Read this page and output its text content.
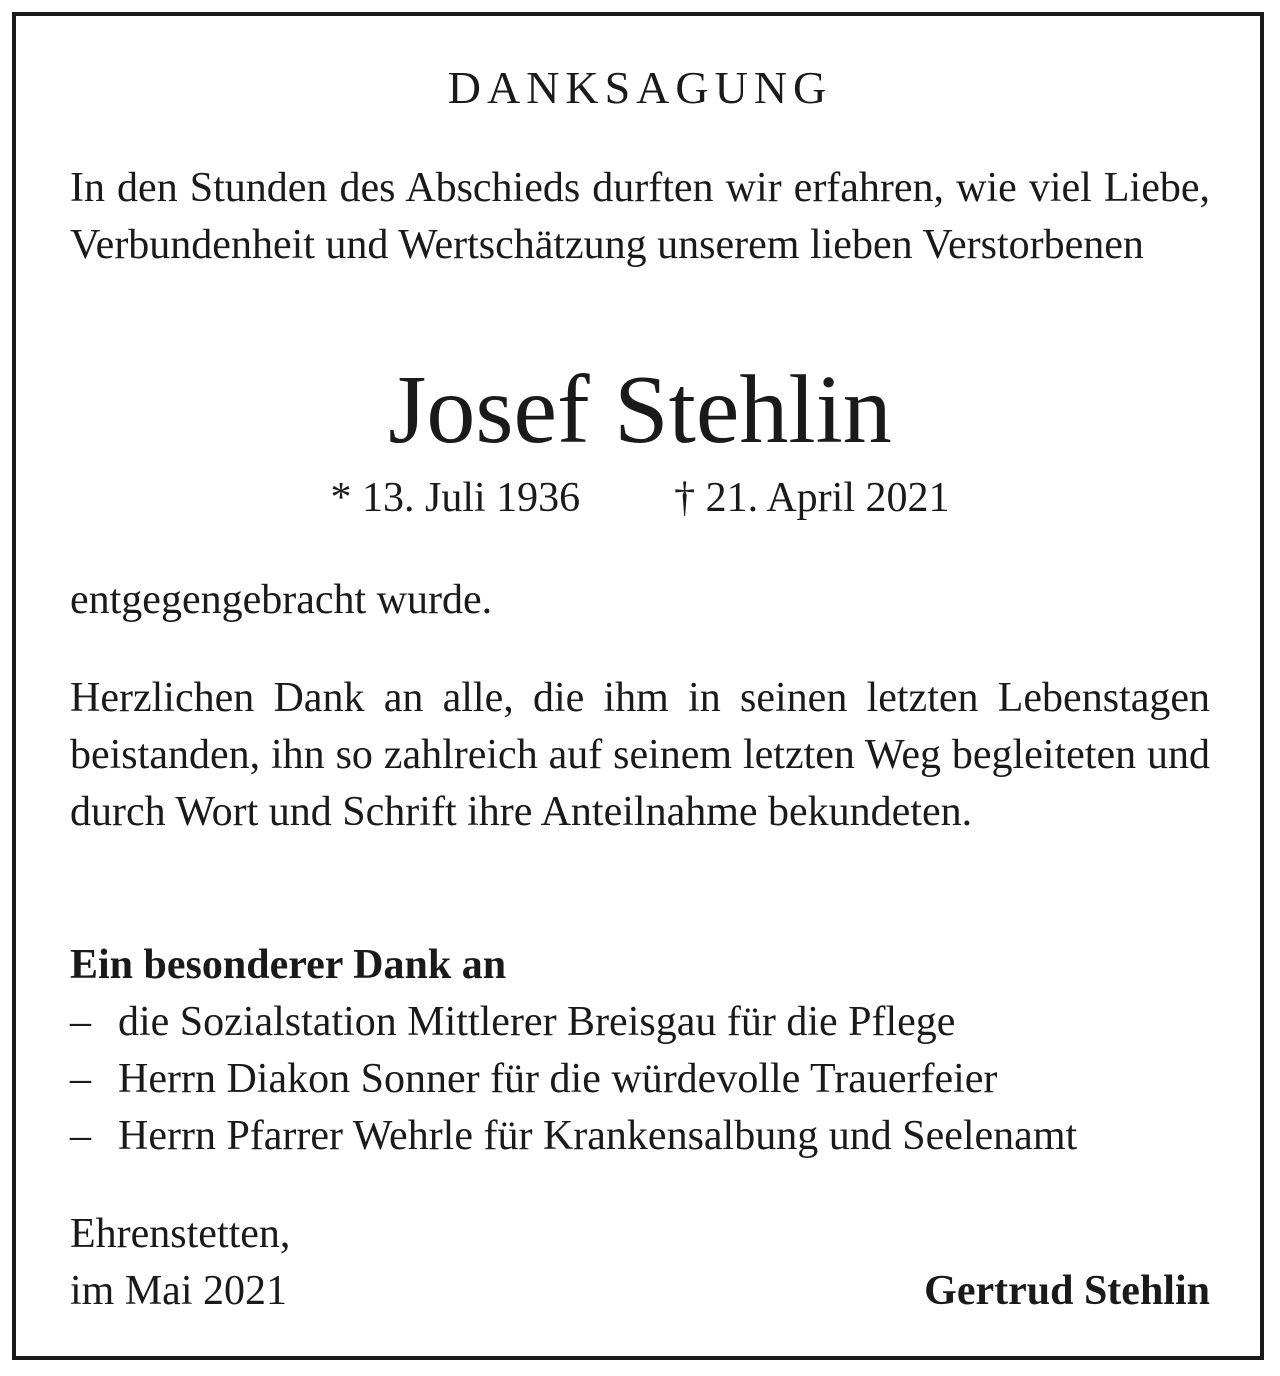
DANKSAGUNG

In den Stunden des Abschieds durften wir erfahren, wie viel Liebe, Verbundenheit und Wertschätzung unserem lieben Verstorbenen

Josef Stehlin
* 13. Juli 1936 † 21. April 2021

entgegengebracht wurde.

Herzlichen Dank an alle, die ihm in seinen letzten Lebenstagen beistanden, ihn so zahlreich auf seinem letzten Weg begleiteten und durch Wort und Schrift ihre Anteilnahme bekundeten.

Ein besonderer Dank an
– die Sozialstation Mittlerer Breisgau für die Pflege
– Herrn Diakon Sonner für die würdevolle Trauerfeier
– Herrn Pfarrer Wehrle für Krankensalbung und Seelenamt
Ehrenstetten,
im Mai 2021	Gertrud Stehlin
